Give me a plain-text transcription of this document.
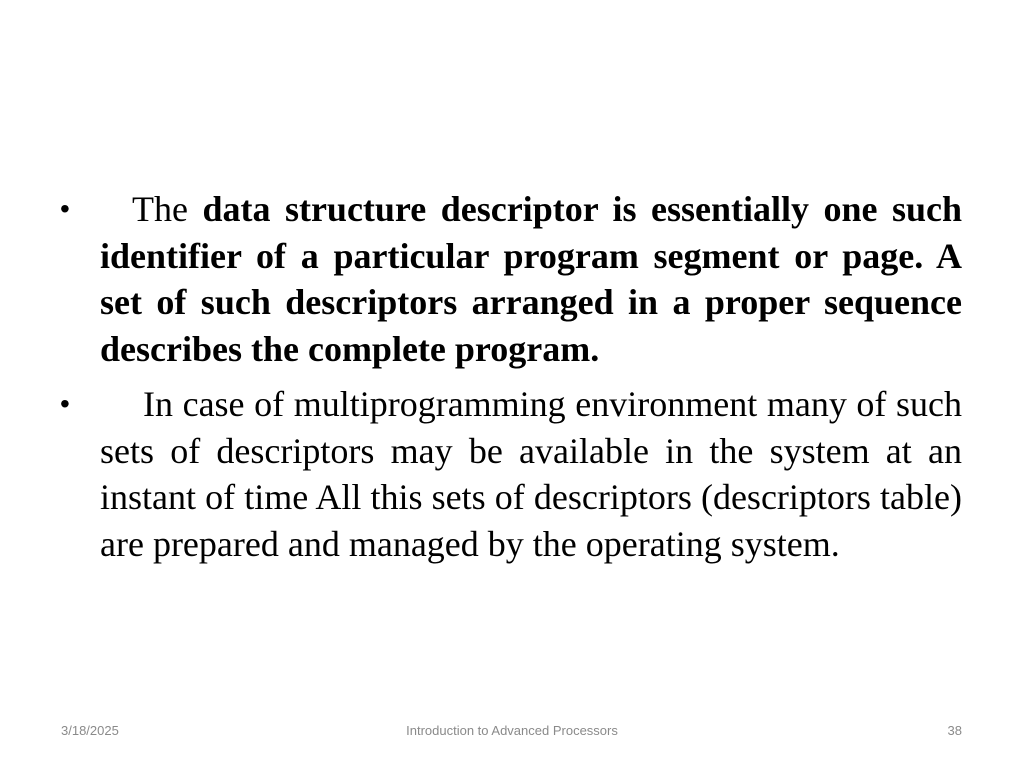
• The data structure descriptor is essentially one such identifier of a particular program segment or page. A set of such descriptors arranged in a proper sequence describes the complete program.
• In case of multiprogramming environment many of such sets of descriptors may be available in the system at an instant of time All this sets of descriptors (descriptors table) are prepared and managed by the operating system.
3/18/2025	Introduction to Advanced Processors	38
